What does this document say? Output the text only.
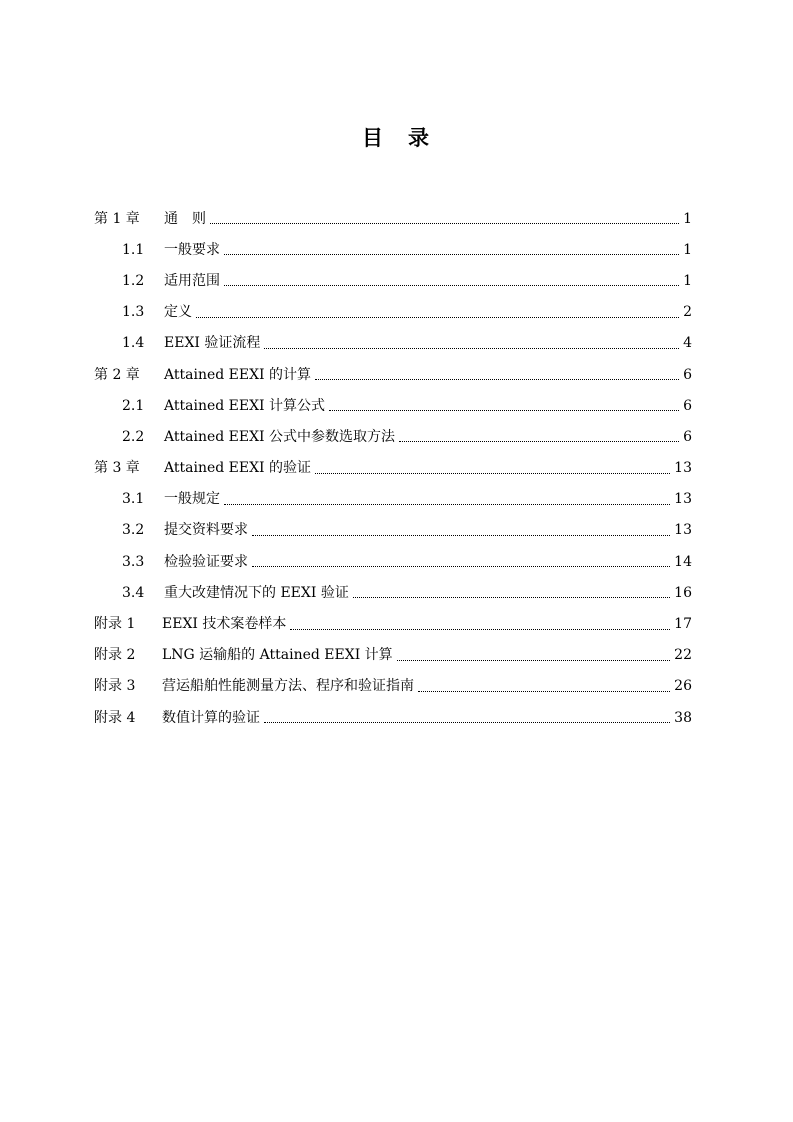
目　录
第 1 章	通　则	1
1.1	一般要求	1
1.2	适用范围	1
1.3	定义	2
1.4	EEXI 验证流程	4
第 2 章	Attained EEXI 的计算	6
2.1	Attained EEXI 计算公式	6
2.2	Attained EEXI 公式中参数选取方法	6
第 3 章	Attained EEXI 的验证	13
3.1	一般规定	13
3.2	提交资料要求	13
3.3	检验验证要求	14
3.4	重大改建情况下的 EEXI 验证	16
附录 1	EEXI 技术案卷样本	17
附录 2	LNG 运输船的 Attained EEXI 计算	22
附录 3	营运船舶性能测量方法、程序和验证指南	26
附录 4	数值计算的验证	38
